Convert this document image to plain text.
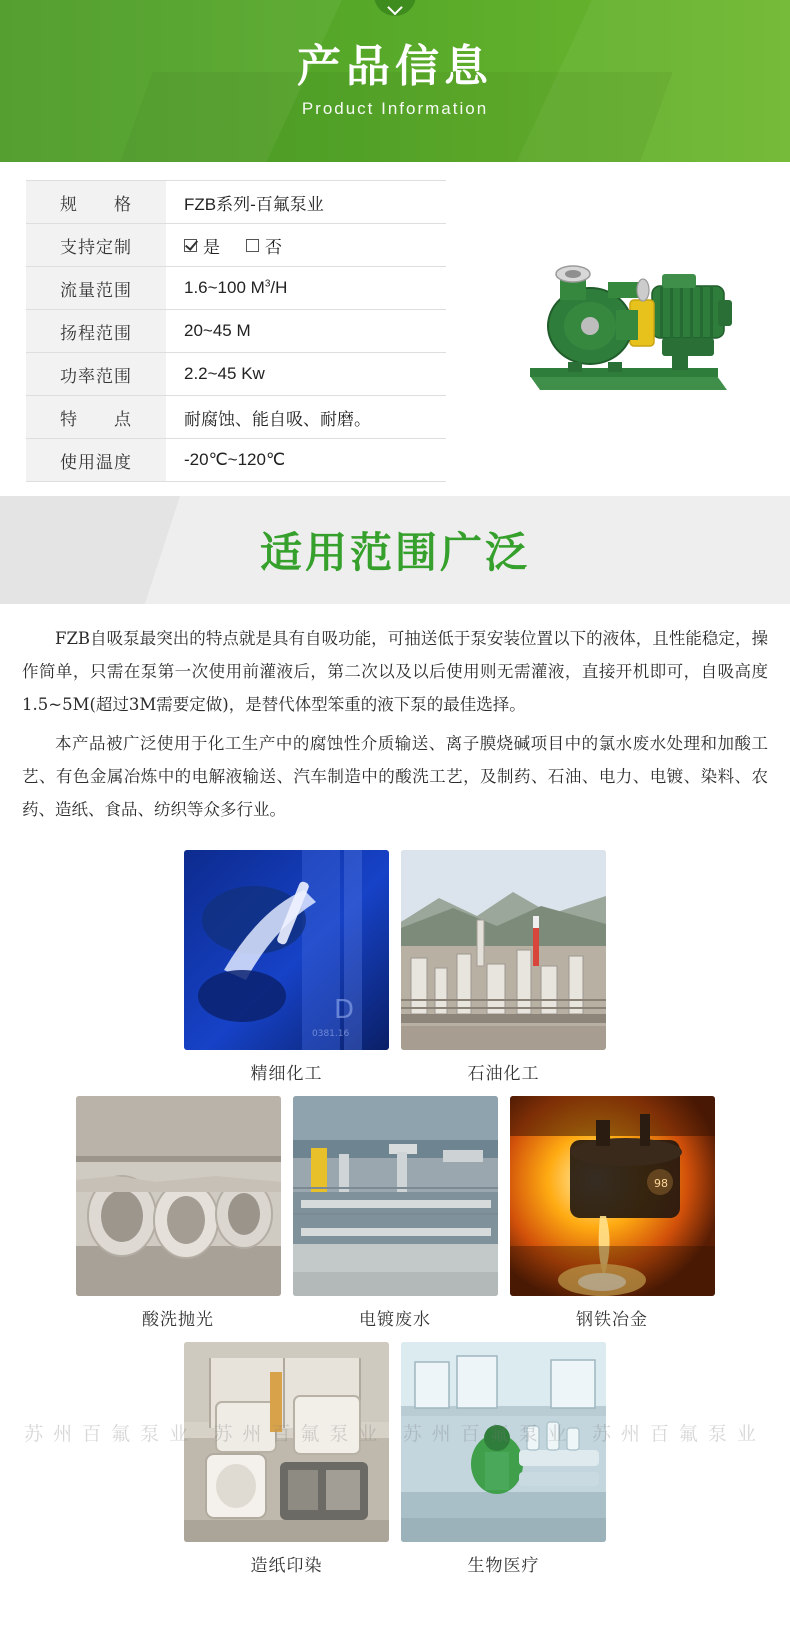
产品信息
Product Information
规　　格	FZB系列-百氟泵业
支持定制	是 否

流量范围	1.6~100 $M^3/H$
扬程范围	20~45 M
功率范围	2.2~45 Kw
特　　点	耐腐蚀、能自吸、耐磨。
使用温度	-20℃~120℃
适用范围广泛

FZB自吸泵最突出的特点就是具有自吸功能，可抽送低于泵安装位置以下的液体，且性能稳定，操作简单，只需在泵第一次使用前灌液后，第二次以及以后使用则无需灌液，直接开机即可，自吸高度1.5~5M(超过3M需要定做)，是替代体型笨重的液下泵的最佳选择。

本产品被广泛使用于化工生产中的腐蚀性介质输送、离子膜烧碱项目中的氯水废水处理和加酸工艺、有色金属冶炼中的电解液输送、汽车制造中的酸洗工艺，及制药、石油、电力、电镀、染料、农药、造纸、食品、纺织等众多行业。

D
0381.16
精细化工	石油化工
酸洗抛光	电镀废水
98
钢铁冶金
造纸印染	生物医疗
苏州百氟泵业 苏州百氟泵业 苏州百氟泵业 苏州百氟泵业
